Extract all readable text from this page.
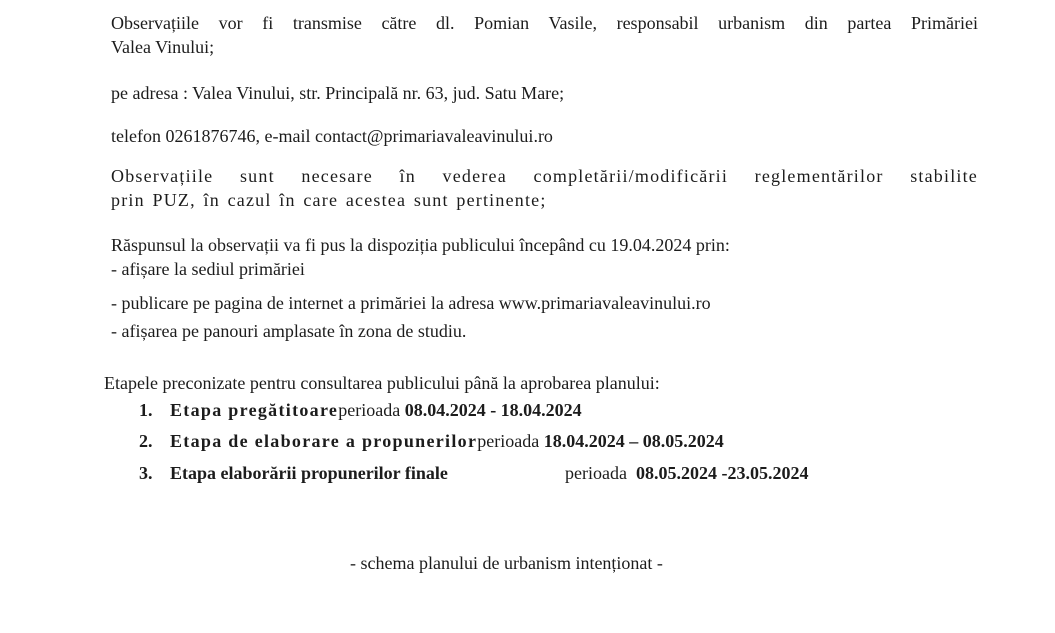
Observațiile vor fi transmise către dl. Pomian Vasile, responsabil urbanism din partea Primăriei
Valea Vinului;
pe adresa : Valea Vinului, str. Principală nr. 63, jud. Satu Mare;
telefon 0261876746, e-mail contact@primariavaleavinului.ro
Observațiile sunt necesare în vederea completării/modificării reglementărilor stabilite
prin PUZ, în cazul în care acestea sunt pertinente;
Răspunsul la observații va fi pus la dispoziția publicului începând cu 19.04.2024 prin:
- afișare la sediul primăriei
- publicare pe pagina de internet a primăriei la adresa www.primariavaleavinului.ro
- afișarea pe panouri amplasate în zona de studiu.
Etapele preconizate pentru consultarea publicului până la aprobarea planului:
1. Etapa pregătitoareperioada 08.04.2024 - 18.04.2024
2. Etapa de elaborare a propunerilorperioada 18.04.2024 – 08.05.2024
3. Etapa elaborării propunerilor finale	perioada 08.05.2024 -23.05.2024
- schema planului de urbanism intenționat -
